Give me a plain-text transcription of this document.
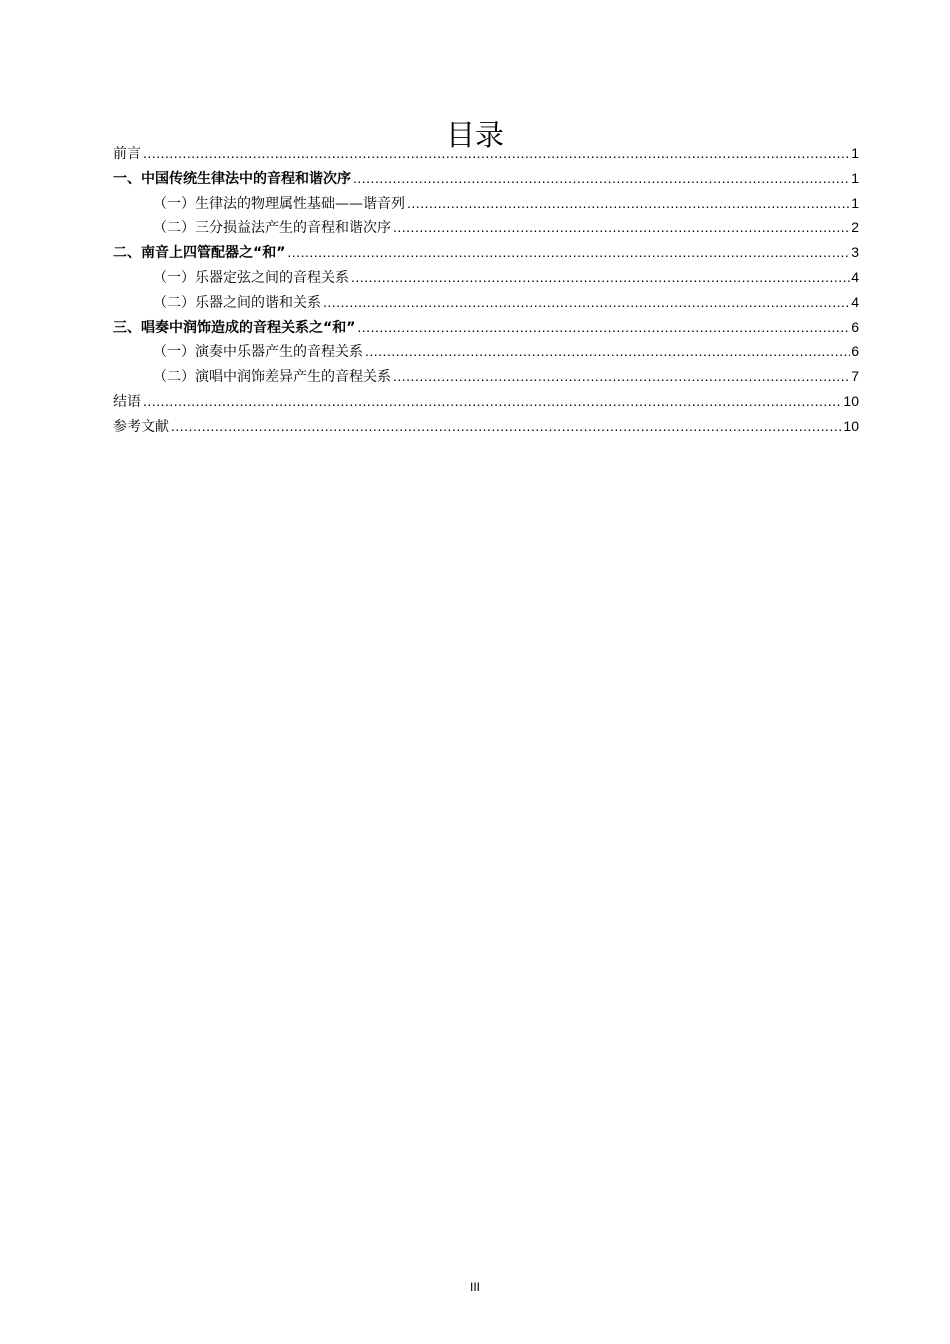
目录
前言 .....	1
一、 中国传统生律法中的音程和谐次序 .....	1
（一） 生律法的物理属性基础——谐音列 .....	1
（二） 三分损益法产生的音程和谐次序 .....	2
二、 南音上四管配器之“和” .....	3
（一） 乐器定弦之间的音程关系 .....	4
（二） 乐器之间的谐和关系 .....	4
三、 唱奏中润饰造成的音程关系之“和” .....	6
（一） 演奏中乐器产生的音程关系 .....	6
（二） 演唱中润饰差异产生的音程关系 .....	7
结语 .....	10
参考文献 .....	10
III
